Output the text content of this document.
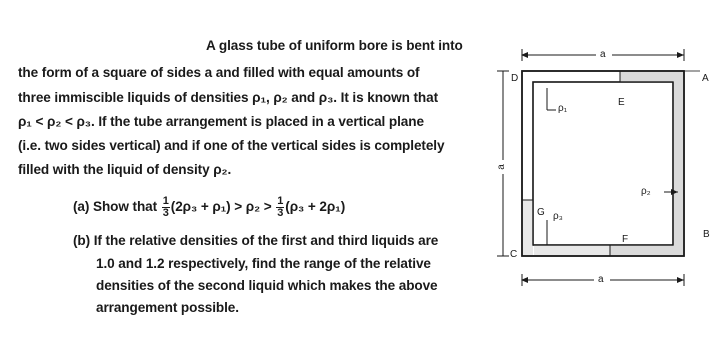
A glass tube of uniform bore is bent into
the form of a square of sides a and filled with equal amounts of
three immiscible liquids of densities ρ₁, ρ₂ and ρ₃. It is known that
ρ₁ < ρ₂ < ρ₃. If the tube arrangement is placed in a vertical plane
(i.e. two sides vertical) and if one of the vertical sides is completely
filled with the liquid of density ρ₂.
(a) Show that $\frac{1}{3} (2\rho_3 + \rho_1) > \rho_2 > \frac{1}{3} (\rho_3 + 2\rho_1)$
(b) If the relative densities of the first and third liquids are
1.0 and 1.2 respectively, find the range of the relative
densities of the second liquid which makes the above
arrangement possible.
a
a
a
A
B
C
D
E
F
G
ρ₁
ρ₂
ρ₃
